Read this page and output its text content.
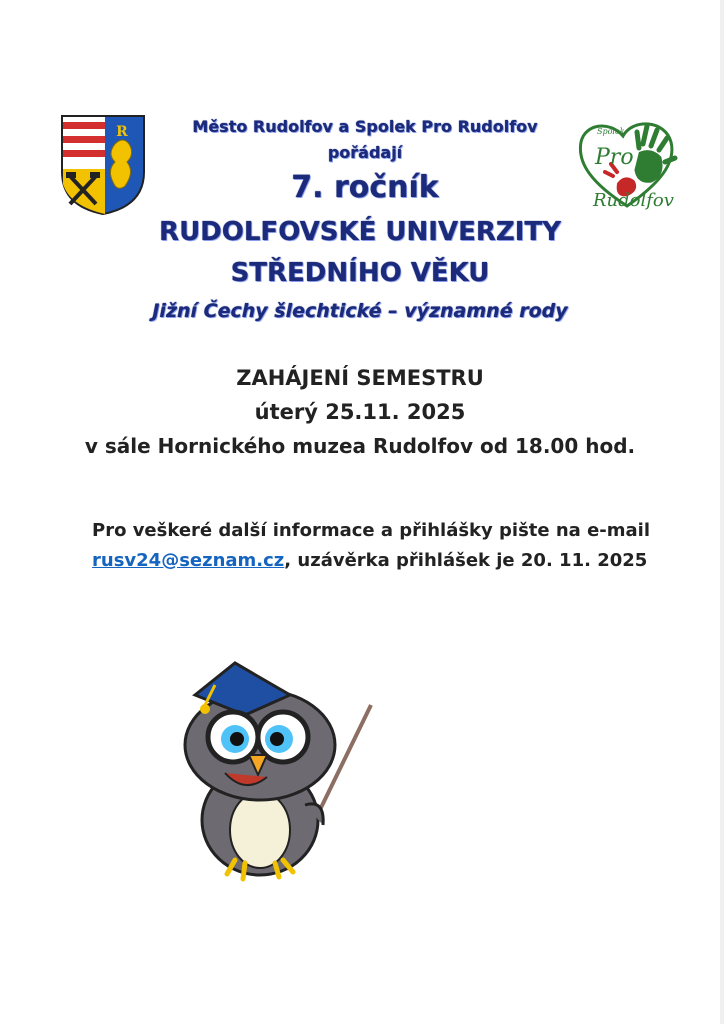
R	Spolek
Pro
Rudolfov
Město Rudolfov a Spolek Pro Rudolfov
pořádají
7. ročník
RUDOLFOVSKÉ UNIVERZITY
STŘEDNÍHO VĚKU
Jižní Čechy šlechtické – významné rody
ZAHÁJENÍ SEMESTRU
úterý 25.11. 2025
v sále Hornického muzea Rudolfov od 18.00 hod.
Pro veškeré další informace a přihlášky pište na e-mail
rusv24@seznam.cz, uzávěrka přihlášek je 20. 11. 2025
